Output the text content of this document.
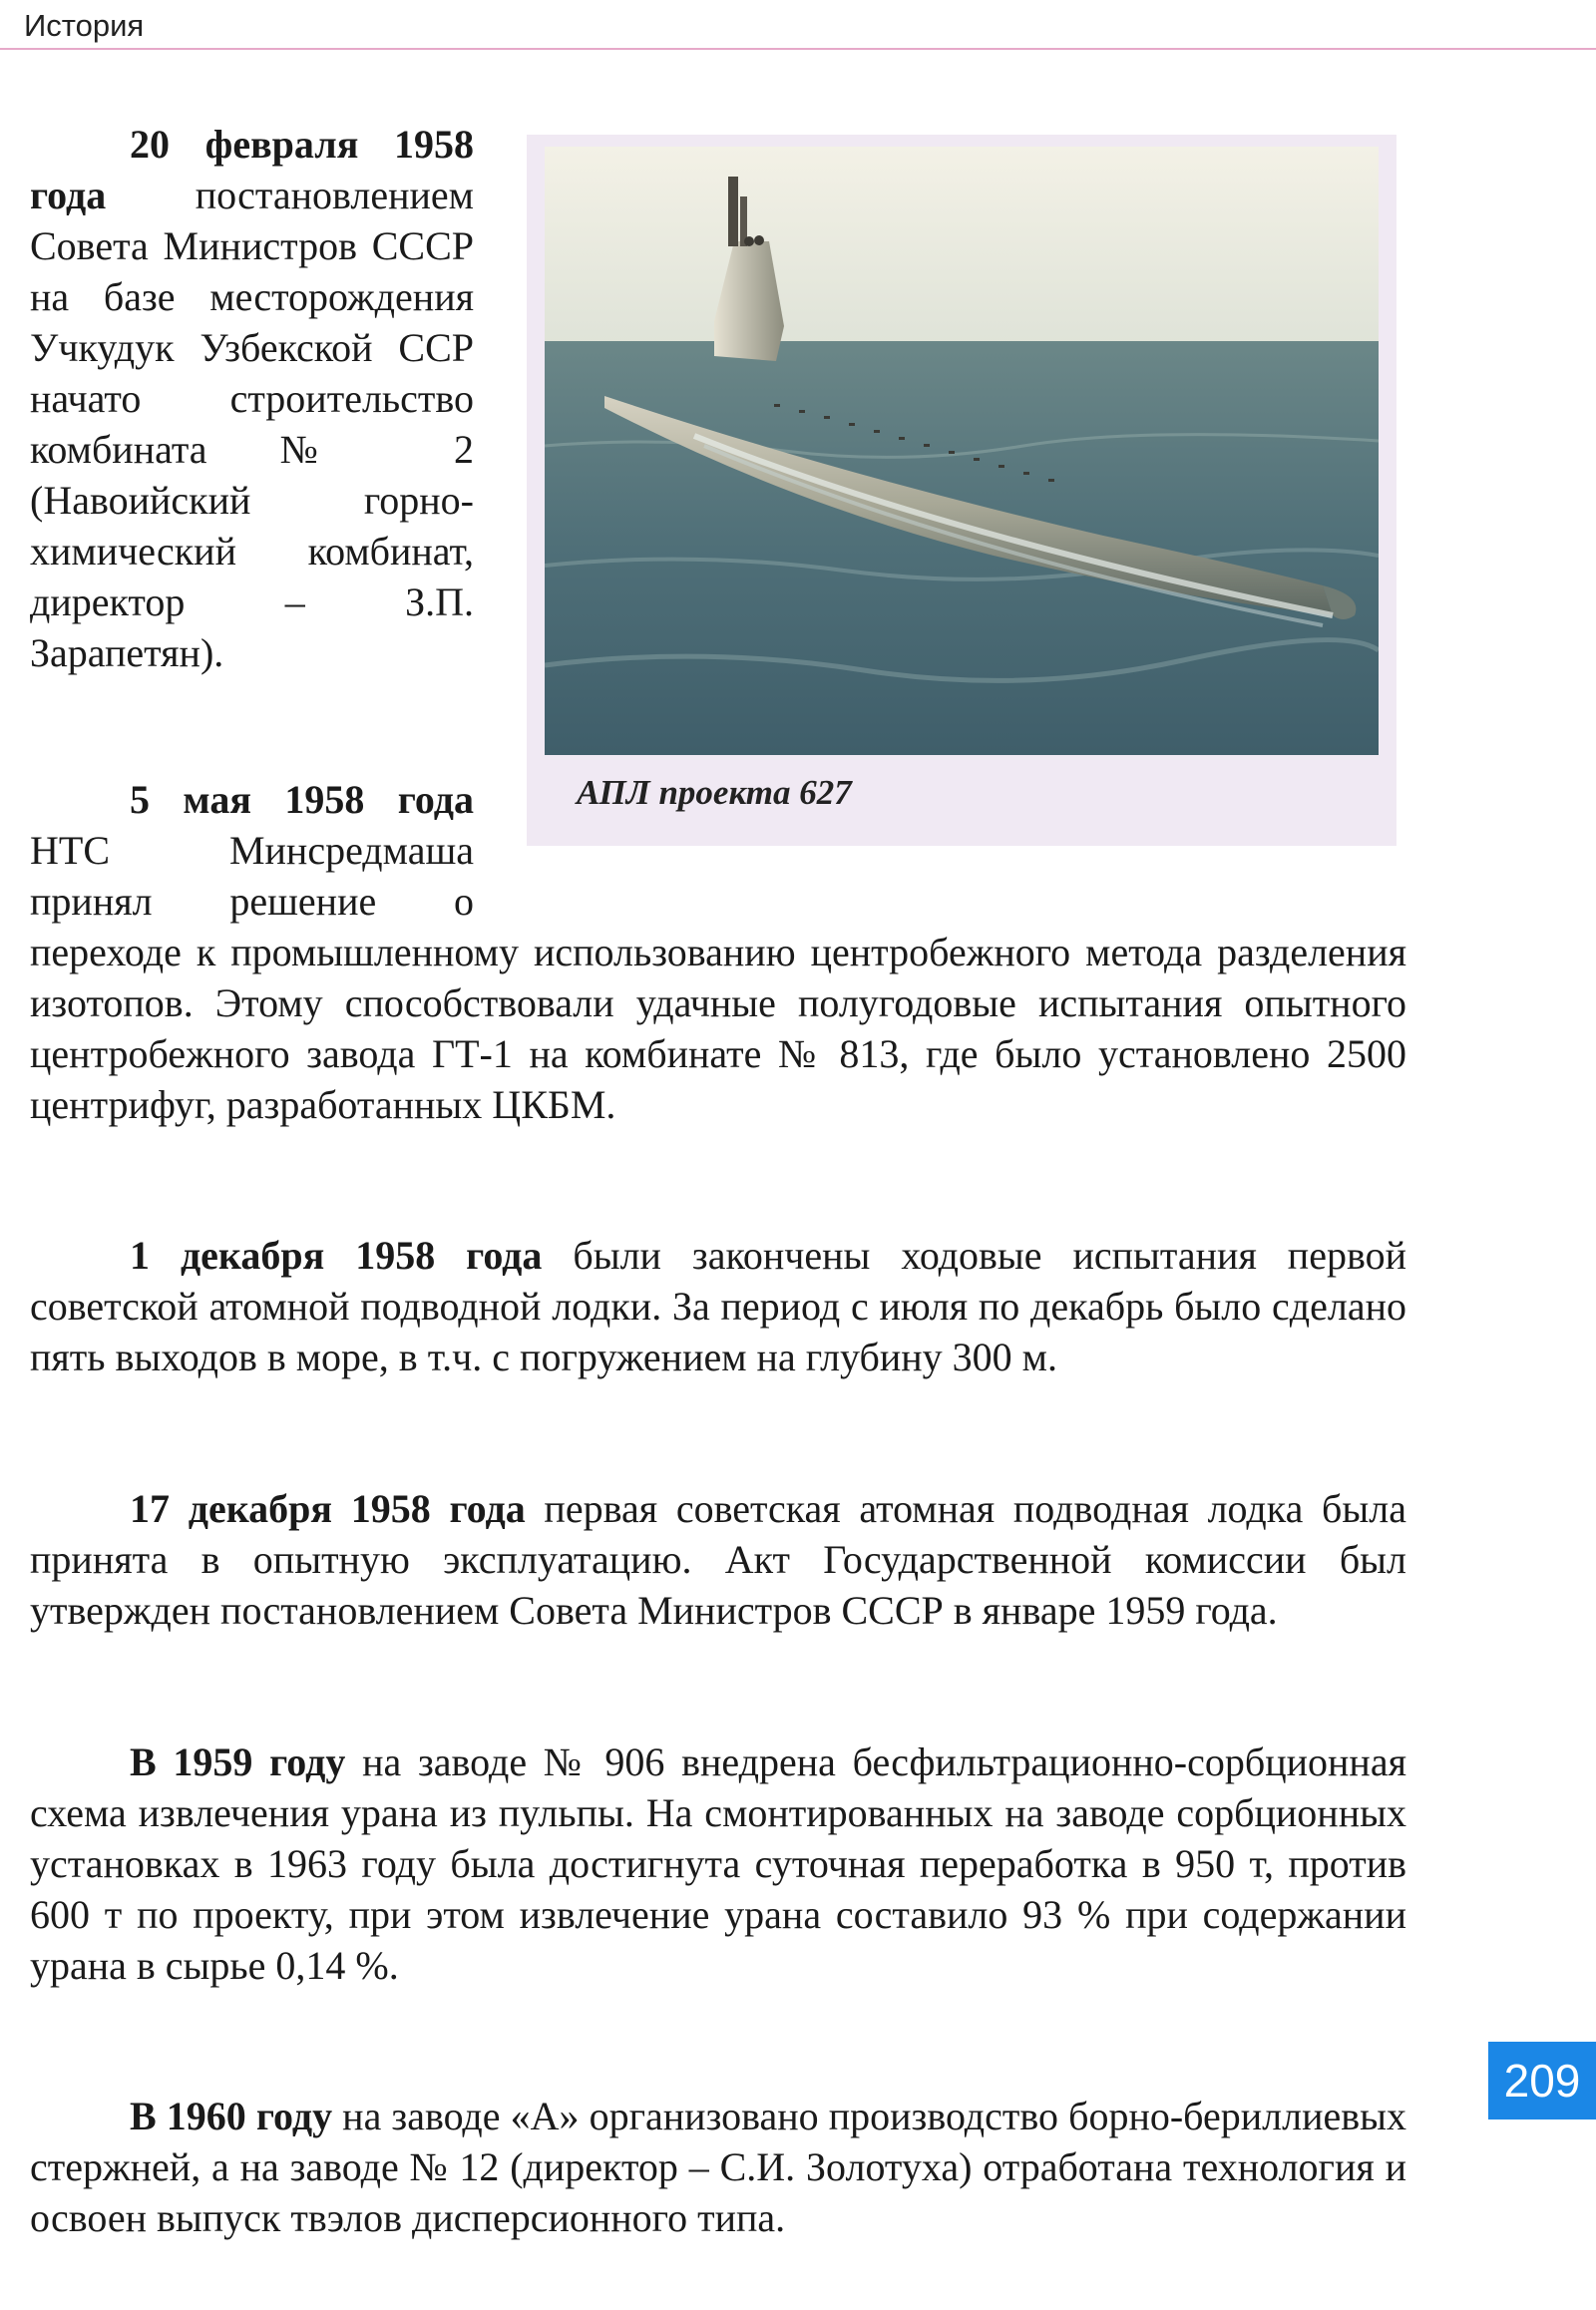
История

20 февраля 1958 года постановлением Совета Министров СССР на базе месторождения Учкудук Узбекской ССР начато строительство комбината № 2 (Навоийский горнохимический комбинат, директор – З.П. Зарапетян).

АПЛ проекта 627

5 мая 1958 года НТС Минсредмаша принял решение о

переходе к промышленному использованию центробежного метода разделения изотопов. Этому способствовали удачные полугодовые испытания опытного центробежного завода ГТ-1 на комбинате № 813, где было установлено 2500 центрифуг, разработанных ЦКБМ.

1 декабря 1958 года были закончены ходовые испытания первой советской атомной подводной лодки. За период с июля по декабрь было сделано пять выходов в море, в т.ч. с погружением на глубину 300 м.

17 декабря 1958 года первая советская атомная подводная лодка была принята в опытную эксплуатацию. Акт Государственной комиссии был утвержден постановлением Совета Министров СССР в январе 1959 года.

В 1959 году на заводе № 906 внедрена бесфильтрационно-сорбционная схема извлечения урана из пульпы. На смонтированных на заводе сорбционных установках в 1963 году была достигнута суточная переработка в 950 т, против 600 т по проекту, при этом извлечение урана составило 93 % при содержании урана в сырье 0,14 %.

В 1960 году на заводе «А» организовано производство борно-бериллиевых стержней, а на заводе № 12 (директор – С.И. Золотуха) отработана технология и освоен выпуск твэлов дисперсионного типа.

209
